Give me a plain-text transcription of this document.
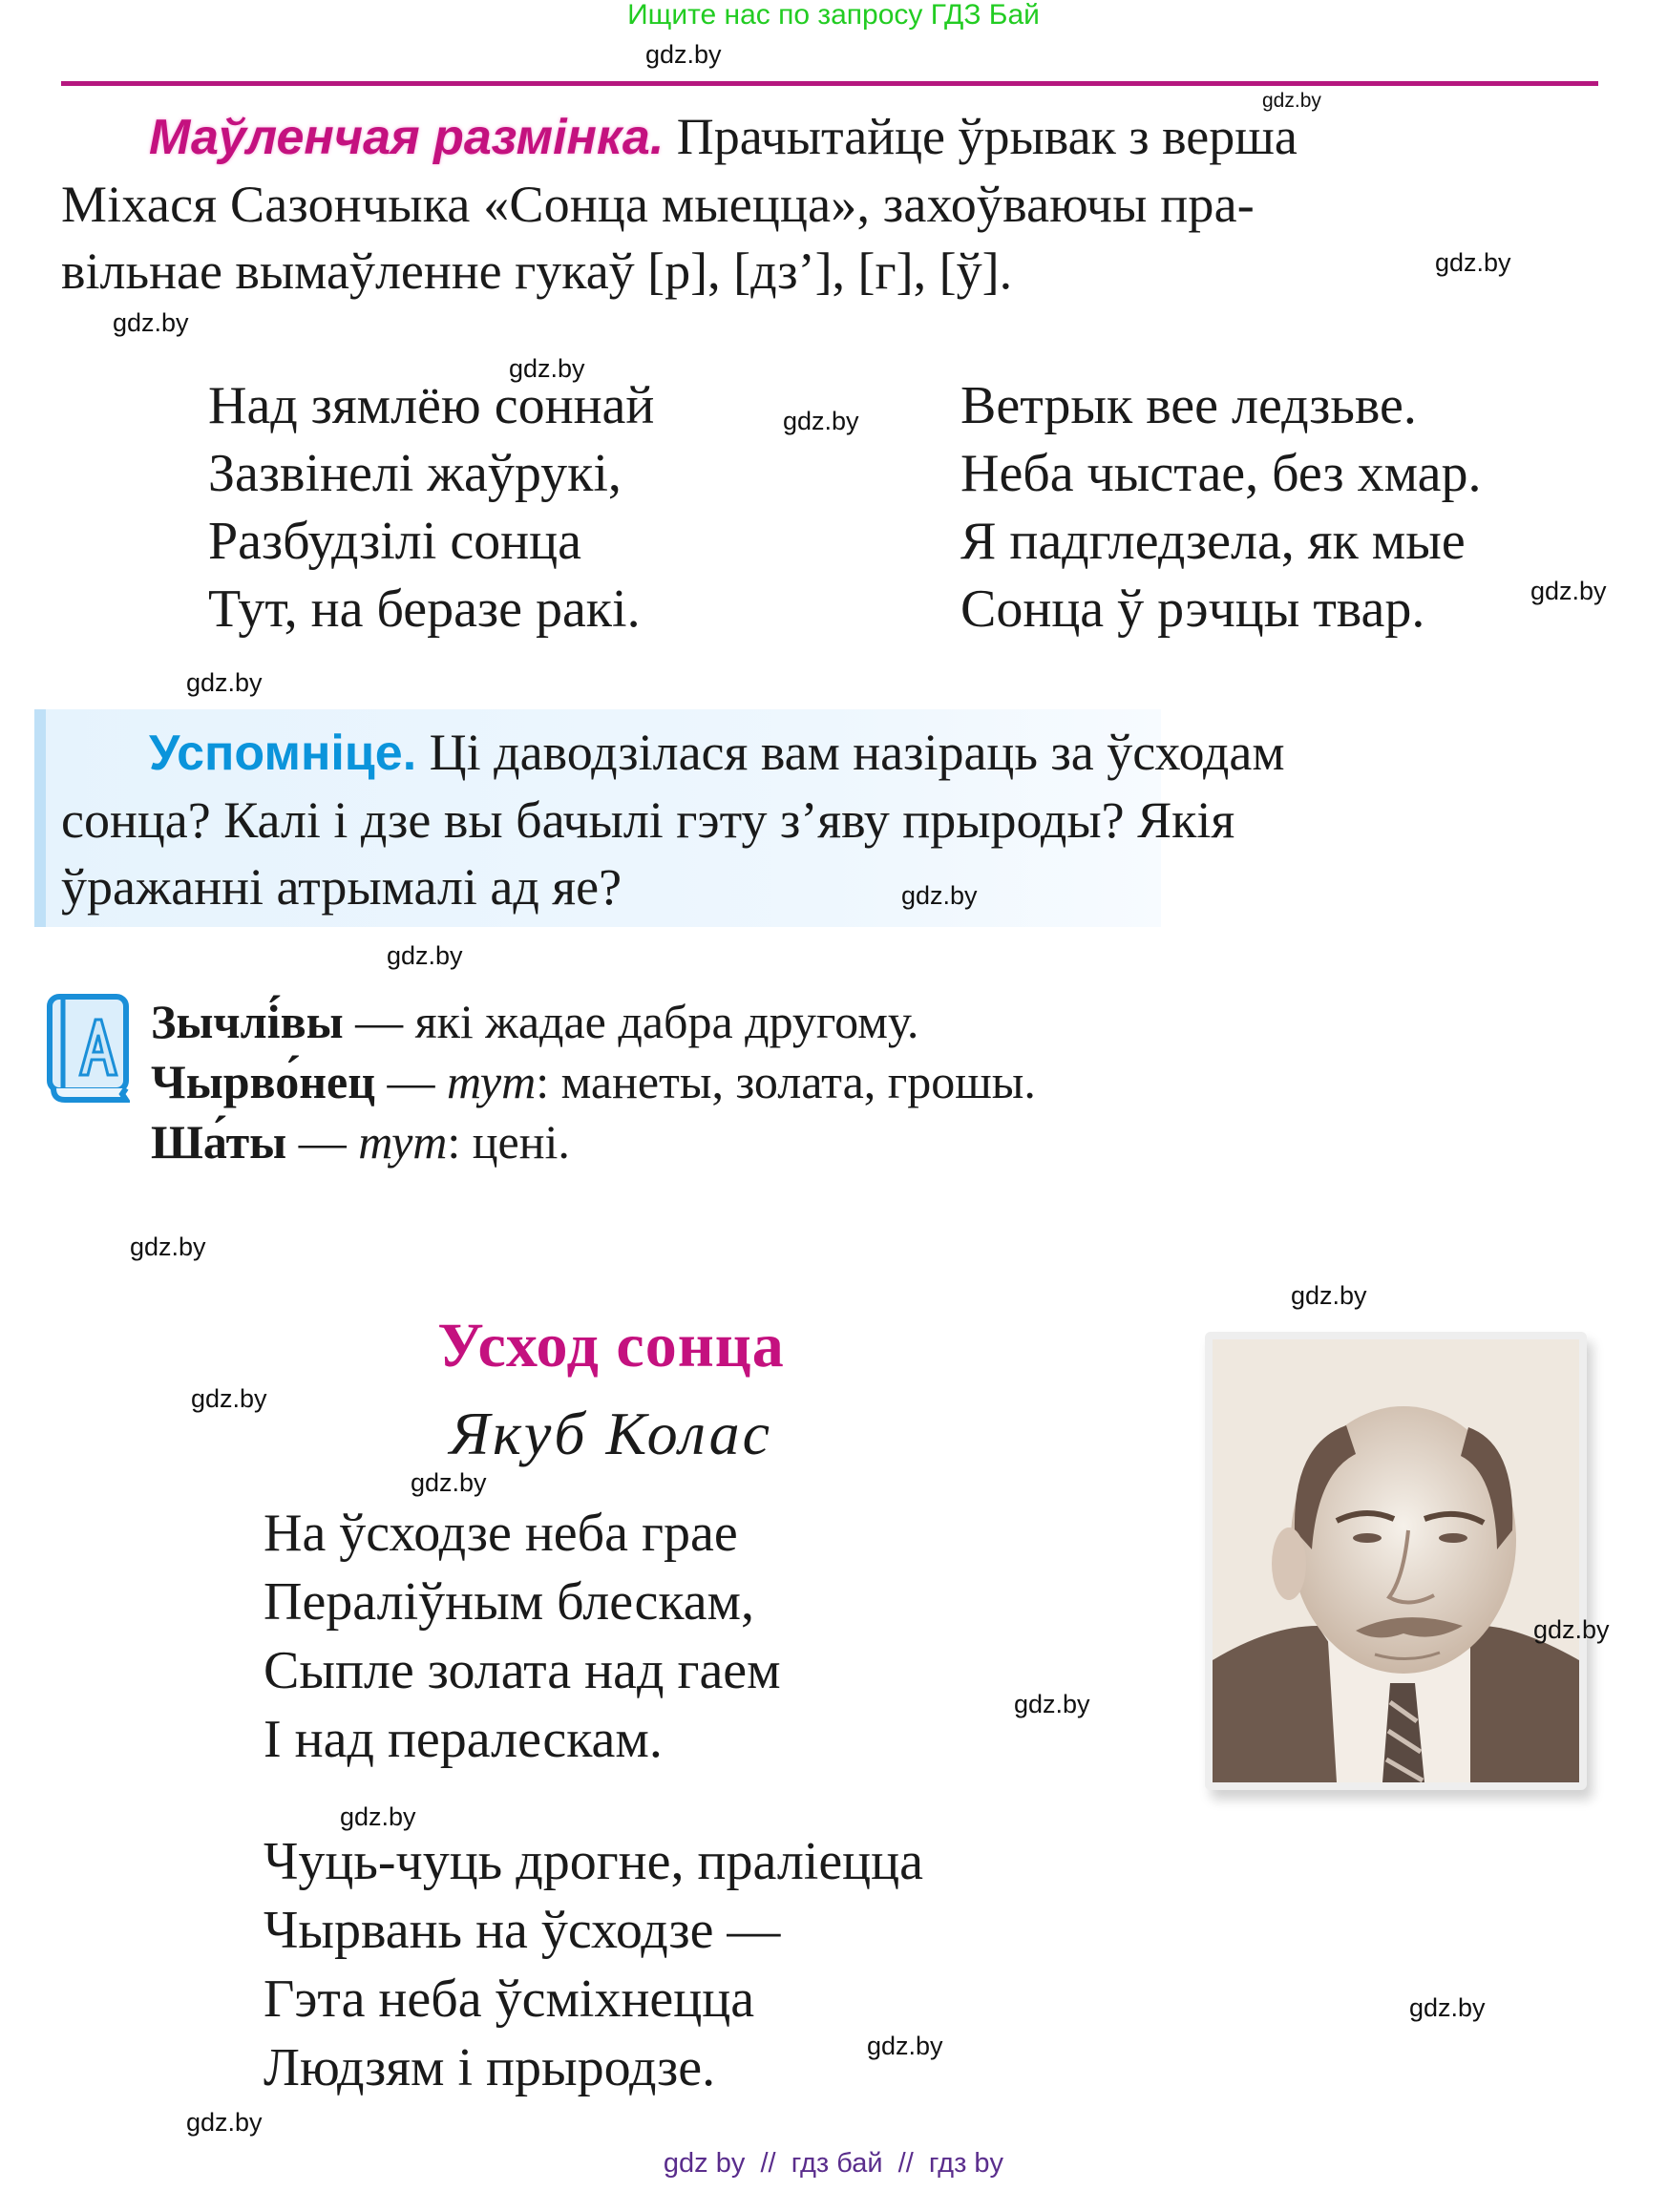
Ищите нас по запросу ГДЗ Бай
gdz.by
gdz.by
Маўленчая размінка. Прачытайце ўрывак з верша
Міхася Сазончыка «Сонца мыецца», захоўваючы пра-
вільнае вымаўленне гукаў [р], [дз’], [г], [ў].	gdz.by
gdz.by
gdz.by
Над зямлёю соннай
Зазвінелі жаўрукі,
Разбудзілі сонца
Тут, на беразе ракі.
gdz.by Ветрык вее ледзьве.
Неба чыстае, без хмар.
Я падгледзела, як мые
Сонца ў рэчцы твар.	gdz.by
gdz.by
Успомніце. Ці даводзілася вам назіраць за ўсходам
сонца? Калі і дзе вы бачылі гэту з’яву прыроды? Якія
ўражанні атрымалі ад яе?	gdz.by
gdz.by
Зычлі́вы — які жадае дабра другому.
Чырво́нец — тут: манеты, золата, грошы.
Ша́ты — тут: цені.
gdz.by
gdz.by
Усход сонца
gdz.by
Якуб Колас
gdz.by
На ўсходзе неба грае
Пераліўным блескам,
Сыпле золата над гаем
І над пералескам.
gdz.by
gdz.by
Чуць-чуць дрогне, праліецца
Чырвань на ўсходзе —
Гэта неба ўсміхнецца
Людзям і прыродзе.
gdz.by
gdz.by
gdz.by
gdz.by
gdz by  //  гдз бай  //  гдз by
